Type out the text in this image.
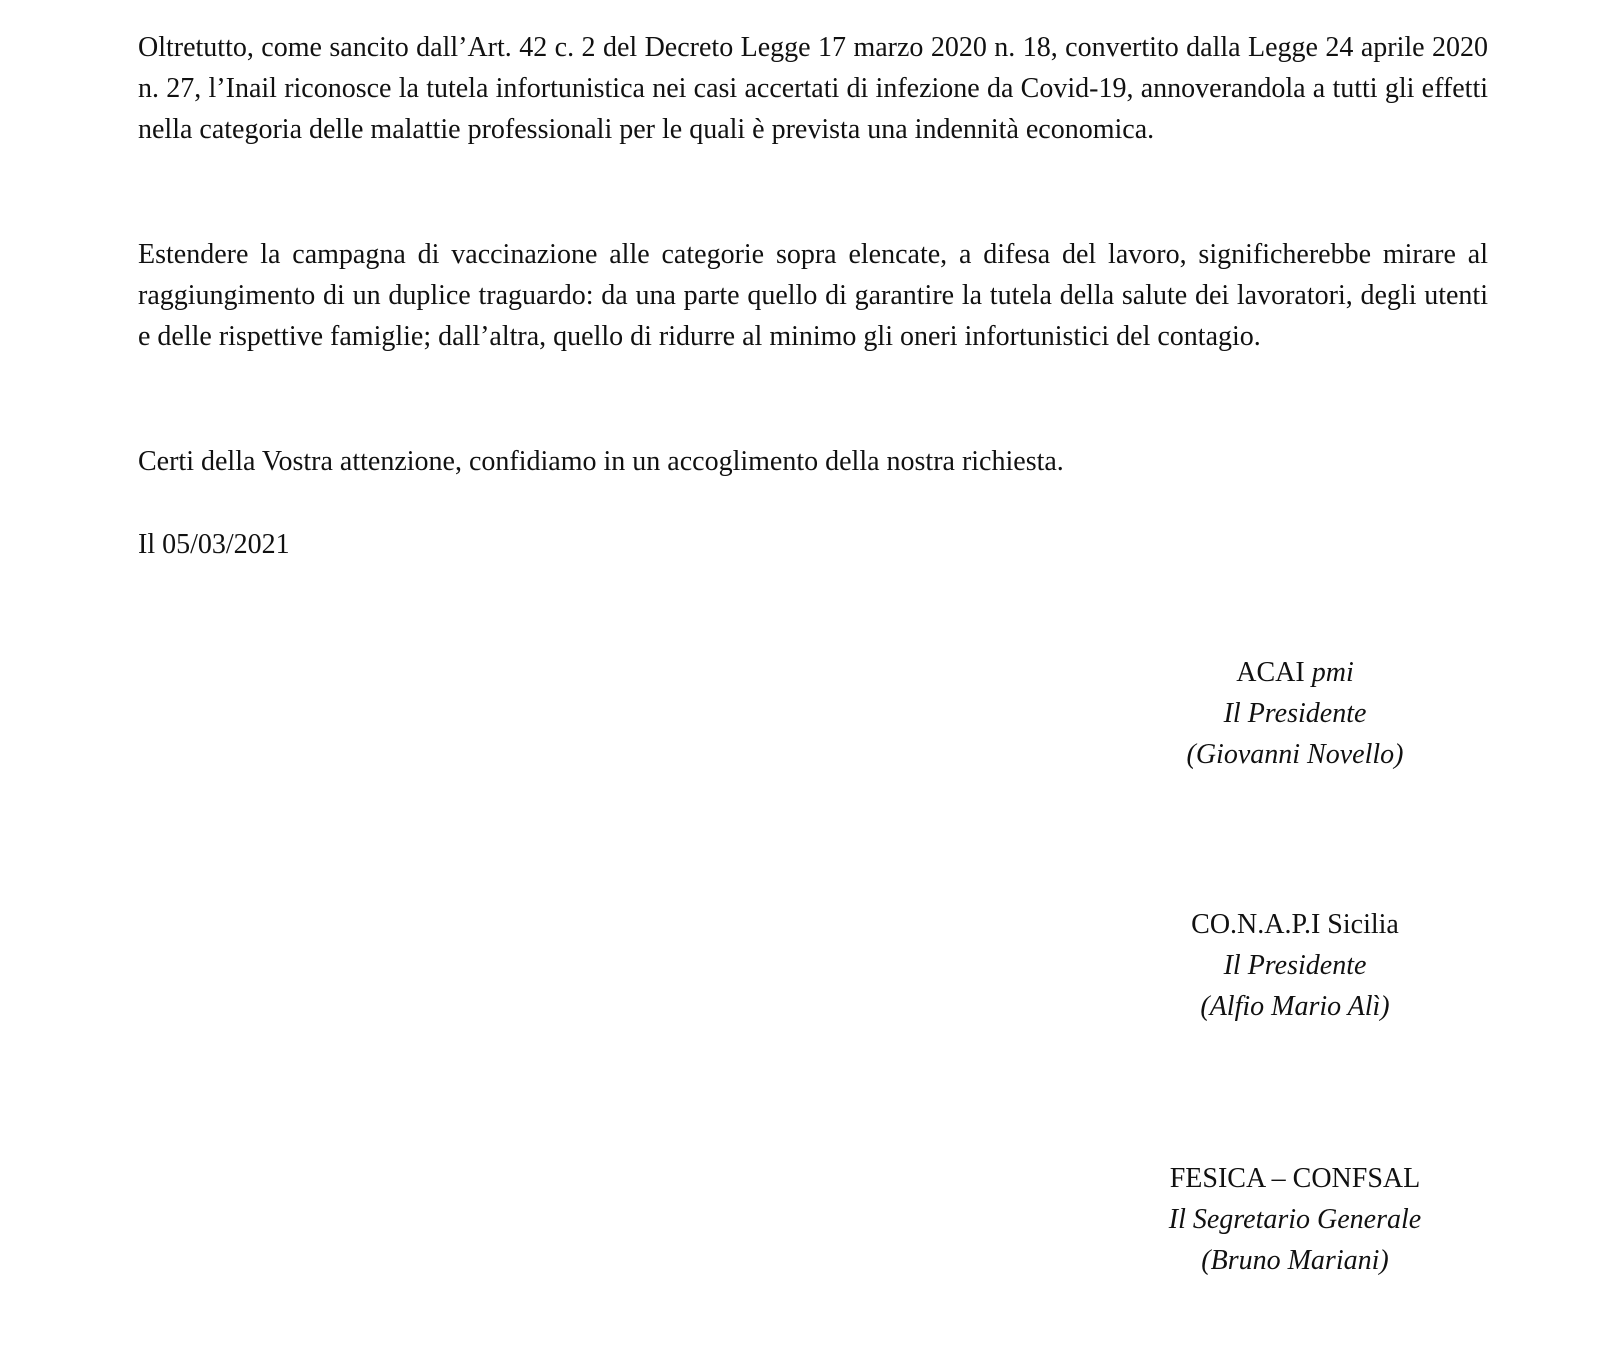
Oltretutto, come sancito dall’Art. 42 c. 2 del Decreto Legge 17 marzo 2020 n. 18, convertito dalla Legge 24 aprile 2020 n. 27, l’Inail riconosce la tutela infortunistica nei casi accertati di infezione da Covid-19, annoverandola a tutti gli effetti nella categoria delle malattie professionali per le quali è prevista una indennità economica.

Estendere la campagna di vaccinazione alle categorie sopra elencate, a difesa del lavoro, significherebbe mirare al raggiungimento di un duplice traguardo: da una parte quello di garantire la tutela della salute dei lavoratori, degli utenti e delle rispettive famiglie; dall’altra, quello di ridurre al minimo gli oneri infortunistici del contagio.

Certi della Vostra attenzione, confidiamo in un accoglimento della nostra richiesta.

Il 05/03/2021

ACAI pmi
Il Presidente
(Giovanni Novello)
CO.N.A.P.I Sicilia
Il Presidente
(Alfio Mario Alì)
FESICA – CONFSAL
Il Segretario Generale
(Bruno Mariani)
